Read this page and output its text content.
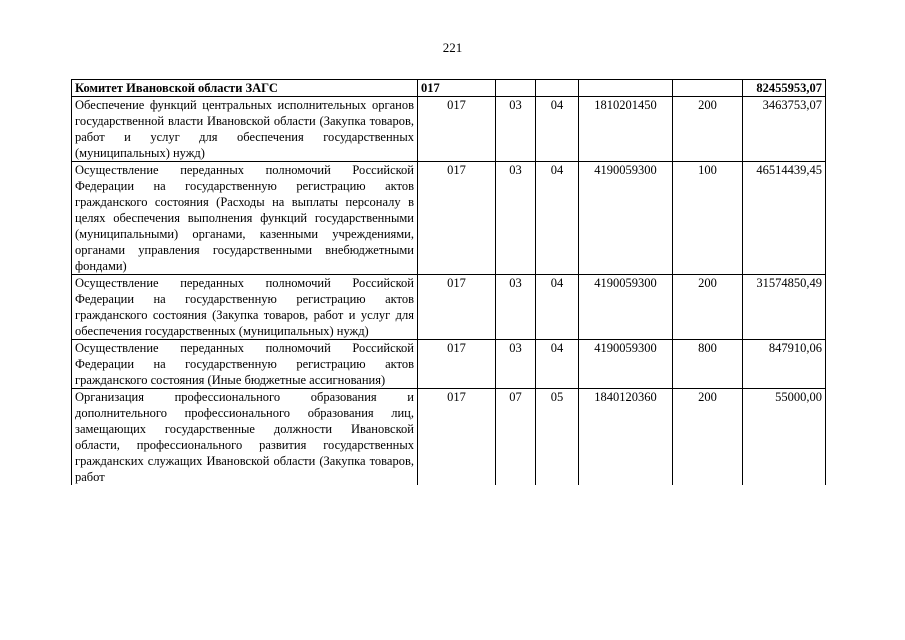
221
Комитет Ивановской области ЗАГС	017					82455953,07
Обеспечение функций центральных исполнительных органов государственной власти Ивановской области (Закупка товаров, работ и услуг для обеспечения государственных (муниципальных) нужд)	017	03	04	1810201450	200	3463753,07
Осуществление переданных полномочий Российской Федерации на государственную регистрацию актов гражданского состояния (Расходы на выплаты персоналу в целях обеспечения выполнения функций государственными (муниципальными) органами, казенными учреждениями, органами управления государственными внебюджетными фондами)	017	03	04	4190059300	100	46514439,45
Осуществление переданных полномочий Российской Федерации на государственную регистрацию актов гражданского состояния (Закупка товаров, работ и услуг для обеспечения государственных (муниципальных) нужд)	017	03	04	4190059300	200	31574850,49
Осуществление переданных полномочий Российской Федерации на государственную регистрацию актов гражданского состояния (Иные бюджетные ассигнования)	017	03	04	4190059300	800	847910,06
Организация профессионального образования и дополнительного профессионального образования лиц, замещающих государственные должности Ивановской области, профессионального развития государственных гражданских служащих Ивановской области (Закупка товаров, работ	017	07	05	1840120360	200	55000,00
